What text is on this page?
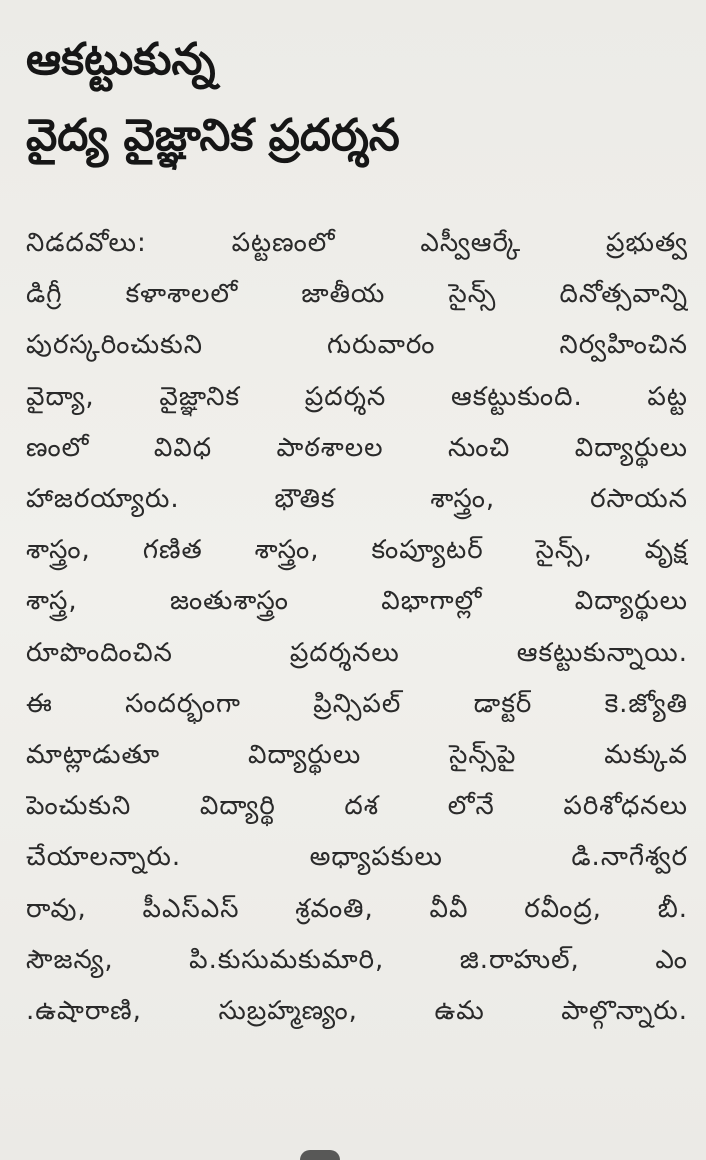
ఆకట్టుకున్న
వైద్య వైజ్ఞానిక ప్రదర్శన
నిడదవోలు: పట్టణంలో ఎస్వీఆర్కే ప్రభుత్వ
డిగ్రీ కళాశాలలో జాతీయ సైన్స్ దినోత్సవాన్ని
పురస్కరించుకుని గురువారం నిర్వహించిన
వైద్యా, వైజ్ఞానిక ప్రదర్శన ఆకట్టుకుంది. పట్ట
ణంలో వివిధ పాఠశాలల నుంచి విద్యార్థులు
హాజరయ్యారు. భౌతిక శాస్త్రం, రసాయన
శాస్త్రం, గణిత శాస్త్రం, కంప్యూటర్ సైన్స్, వృక్ష
శాస్త్ర, జంతుశాస్త్రం విభాగాల్లో విద్యార్థులు
రూపొందించిన ప్రదర్శనలు ఆకట్టుకున్నాయి.
ఈ సందర్భంగా ప్రిన్సిపల్ డాక్టర్ కె.జ్యోతి
మాట్లాడుతూ విద్యార్థులు సైన్స్‌పై మక్కువ
పెంచుకుని విద్యార్థి దశ లోనే పరిశోధనలు
చేయాలన్నారు. అధ్యాపకులు డి.నాగేశ్వర
రావు, పీఎస్ఎస్ శ్రవంతి, వీవీ రవీంద్ర, బీ.
సౌజన్య, పి.కుసుమకుమారి, జి.రాహుల్, ఎం
.ఉషారాణి, సుబ్రహ్మణ్యం, ఉమ పాల్గొన్నారు.
